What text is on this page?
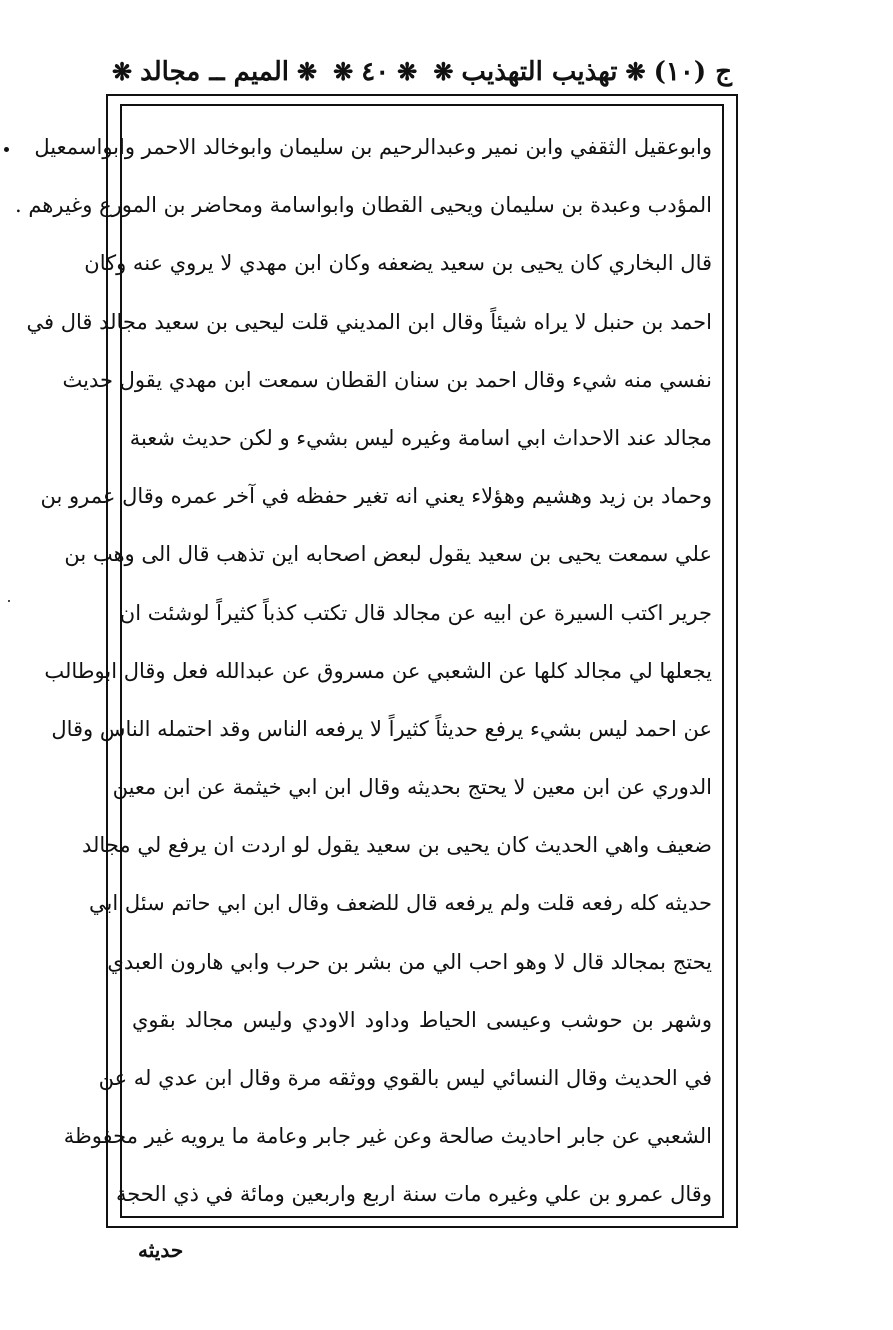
ج (١٠)
❋
تهذيب التهذيب
❋
❋
٤٠
❋
❋
الميم ــ مجالد
❋
وابوعقيل الثقفي وابن نمير وعبدالرحيم بن سليمان وابوخالد الاحمر وابواسمعيل
المؤدب وعبدة بن سليمان ويحيى القطان وابواسامة ومحاضر بن المورع وغيرهم .
قال البخاري كان يحيى بن سعيد يضعفه وكان ابن مهدي لا يروي عنه وكان
احمد بن حنبل لا يراه شيئاً وقال ابن المديني قلت ليحيى بن سعيد مجالد قال في
نفسي منه شيء وقال احمد بن سنان القطان سمعت ابن مهدي يقول حديث
مجالد عند الاحداث ابي اسامة وغيره ليس بشيء و لكن حديث شعبة
وحماد بن زيد وهشيم وهؤلاء يعني انه تغير حفظه في آخر عمره وقال عمرو بن
علي سمعت يحيى بن سعيد يقول لبعض اصحابه اين تذهب قال الى وهب بن
جرير اكتب السيرة عن ابيه عن مجالد قال تكتب كذباً كثيراً لوشئت ان
يجعلها لي مجالد كلها عن الشعبي عن مسروق عن عبدالله فعل وقال ابوطالب
عن احمد ليس بشيء يرفع حديثاً كثيراً لا يرفعه الناس وقد احتمله الناس وقال
الدوري عن ابن معين لا يحتج بحديثه وقال ابن ابي خيثمة عن ابن معين
ضعيف واهي الحديث كان يحيى بن سعيد يقول لو اردت ان يرفع لي مجالد
حديثه كله رفعه قلت ولم يرفعه قال للضعف وقال ابن ابي حاتم سئل ابي
يحتج بمجالد قال لا وهو احب الي من بشر بن حرب وابي هارون العبدي
وشهر بن حوشب وعيسى الحياط وداود الاودي وليس مجالد بقوي
في الحديث وقال النسائي ليس بالقوي ووثقه مرة وقال ابن عدي له عن
الشعبي عن جابر احاديث صالحة وعن غير جابر وعامة ما يرويه غير محفوظة
وقال عمرو بن علي وغيره مات سنة اربع واربعين ومائة في ذي الحجة
حديثه
